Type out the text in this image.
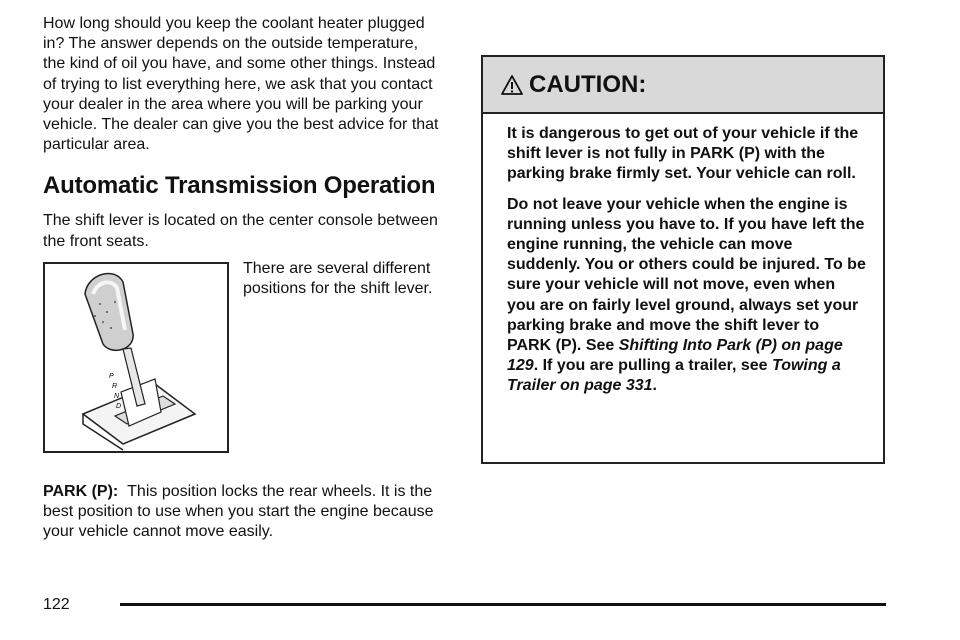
How long should you keep the coolant heater plugged in? The answer depends on the outside temperature, the kind of oil you have, and some other things. Instead of trying to list everything here, we ask that you contact your dealer in the area where you will be parking your vehicle. The dealer can give you the best advice for that particular area.

Automatic Transmission Operation

The shift lever is located on the center console between the front seats.

P
R
N
D

There are several different positions for the shift lever.

PARK (P): This position locks the rear wheels. It is the best position to use when you start the engine because your vehicle cannot move easily.

CAUTION:

It is dangerous to get out of your vehicle if the shift lever is not fully in PARK (P) with the parking brake firmly set. Your vehicle can roll.

Do not leave your vehicle when the engine is running unless you have to. If you have left the engine running, the vehicle can move suddenly. You or others could be injured. To be sure your vehicle will not move, even when you are on fairly level ground, always set your parking brake and move the shift lever to PARK (P). See Shifting Into Park (P) on page 129. If you are pulling a trailer, see Towing a Trailer on page 331.

122
